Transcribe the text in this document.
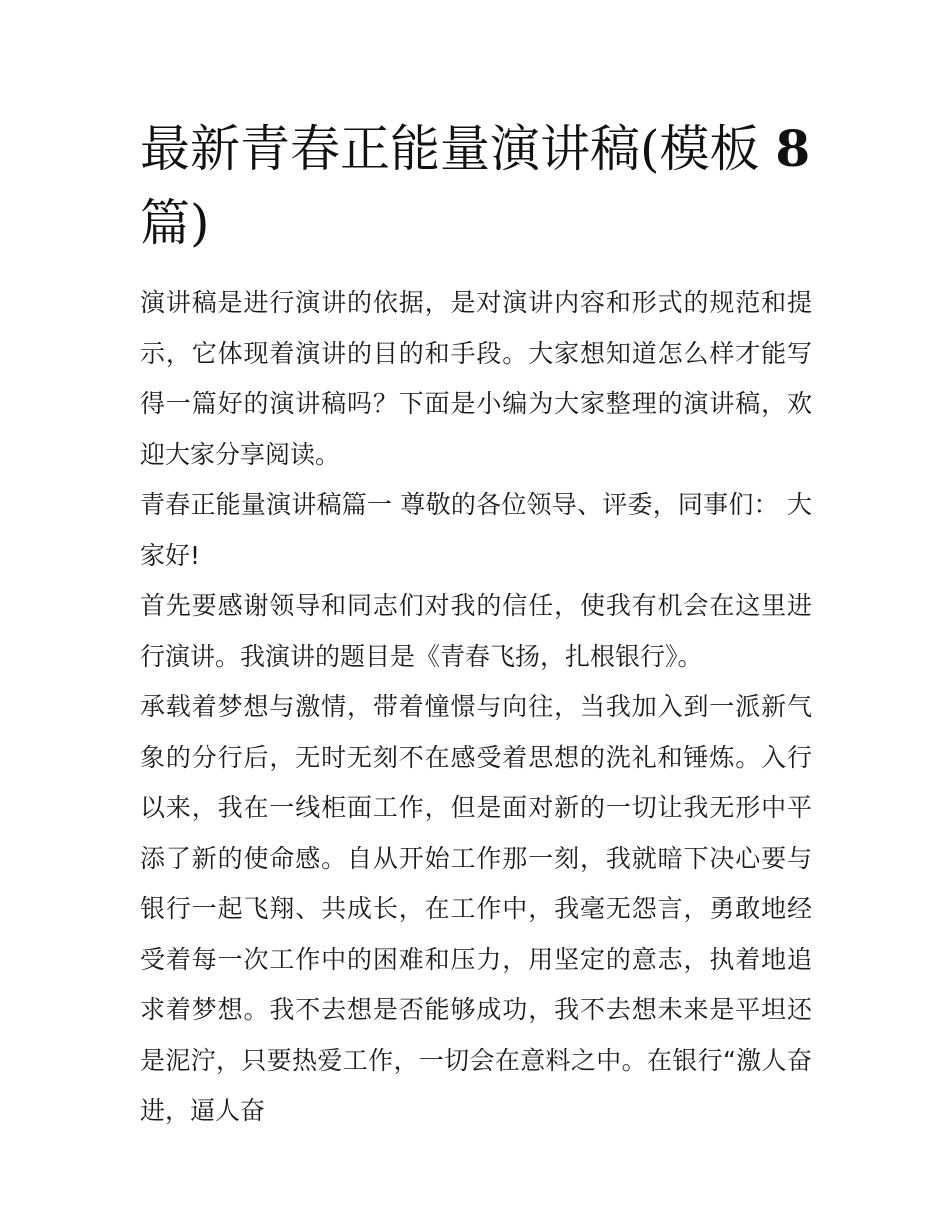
最新青春正能量演讲稿(模板 8
篇)

演讲稿是进行演讲的依据，是对演讲内容和形式的规范和提示，它体现着演讲的目的和手段。大家想知道怎么样才能写得一篇好的演讲稿吗？下面是小编为大家整理的演讲稿，欢迎大家分享阅读。

青春正能量演讲稿篇一 尊敬的各位领导、评委，同事们： 大家好!

首先要感谢领导和同志们对我的信任，使我有机会在这里进行演讲。我演讲的题目是《青春飞扬，扎根银行》。

承载着梦想与激情，带着憧憬与向往，当我加入到一派新气象的分行后，无时无刻不在感受着思想的洗礼和锤炼。入行以来，我在一线柜面工作，但是面对新的一切让我无形中平添了新的使命感。自从开始工作那一刻，我就暗下决心要与银行一起飞翔、共成长，在工作中，我毫无怨言，勇敢地经受着每一次工作中的困难和压力，用坚定的意志，执着地追求着梦想。我不去想是否能够成功，我不去想未来是平坦还是泥泞，只要热爱工作，一切会在意料之中。在银行“激人奋进，逼人奋
